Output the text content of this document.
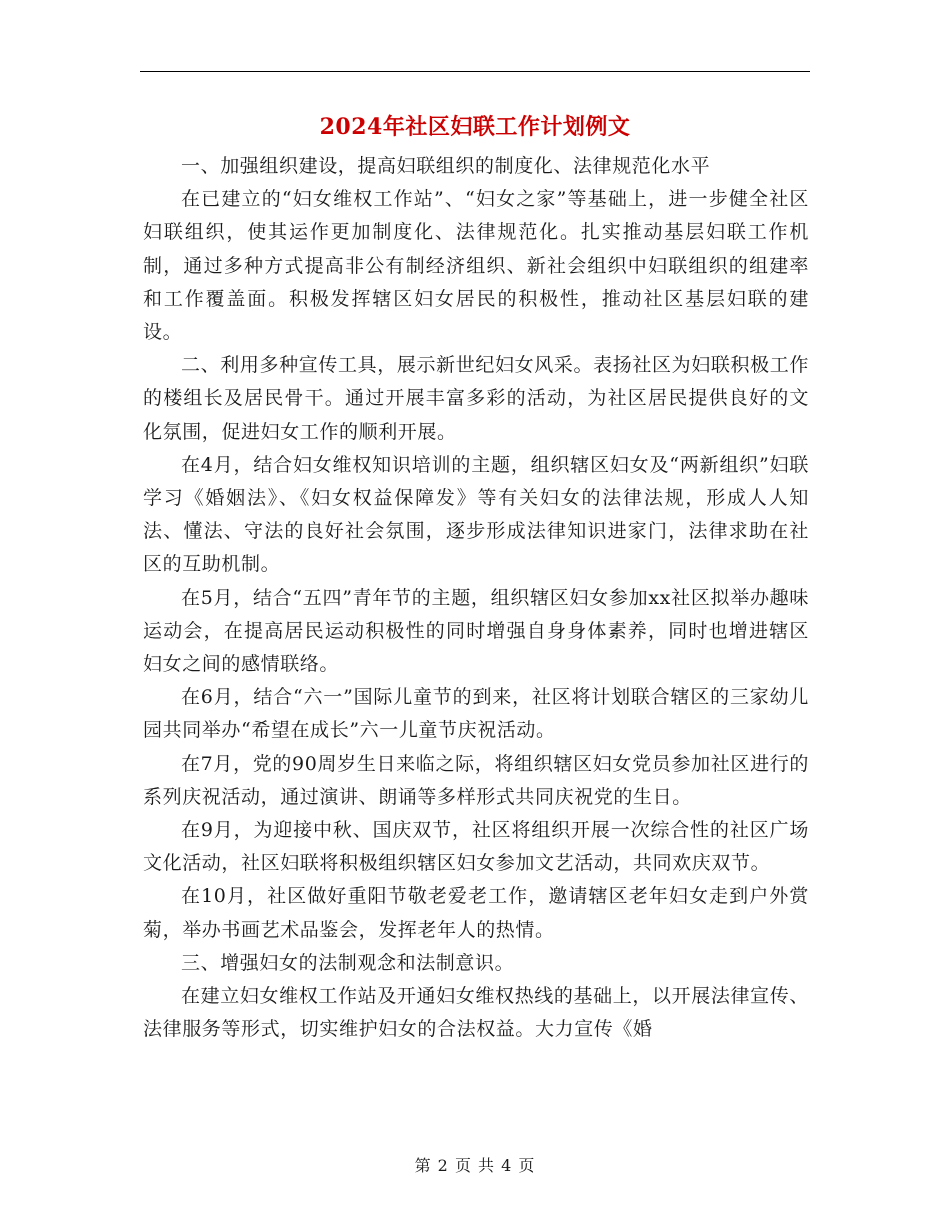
2024年社区妇联工作计划例文

一、加强组织建设，提高妇联组织的制度化、法律规范化水平

在已建立的“妇女维权工作站”、“妇女之家”等基础上，进一步健全社区妇联组织，使其运作更加制度化、法律规范化。扎实推动基层妇联工作机制，通过多种方式提高非公有制经济组织、新社会组织中妇联组织的组建率和工作覆盖面。积极发挥辖区妇女居民的积极性，推动社区基层妇联的建设。

二、利用多种宣传工具，展示新世纪妇女风采。表扬社区为妇联积极工作的楼组长及居民骨干。通过开展丰富多彩的活动，为社区居民提供良好的文化氛围，促进妇女工作的顺利开展。

在4月，结合妇女维权知识培训的主题，组织辖区妇女及“两新组织”妇联学习《婚姻法》、《妇女权益保障发》等有关妇女的法律法规，形成人人知法、懂法、守法的良好社会氛围，逐步形成法律知识进家门，法律求助在社区的互助机制。

在5月，结合“五四”青年节的主题，组织辖区妇女参加xx社区拟举办趣味运动会，在提高居民运动积极性的同时增强自身身体素养，同时也增进辖区妇女之间的感情联络。

在6月，结合“六一”国际儿童节的到来，社区将计划联合辖区的三家幼儿园共同举办“希望在成长”六一儿童节庆祝活动。

在7月，党的90周岁生日来临之际，将组织辖区妇女党员参加社区进行的系列庆祝活动，通过演讲、朗诵等多样形式共同庆祝党的生日。

在9月，为迎接中秋、国庆双节，社区将组织开展一次综合性的社区广场文化活动，社区妇联将积极组织辖区妇女参加文艺活动，共同欢庆双节。

在10月，社区做好重阳节敬老爱老工作，邀请辖区老年妇女走到户外赏菊，举办书画艺术品鉴会，发挥老年人的热情。

三、增强妇女的法制观念和法制意识。

在建立妇女维权工作站及开通妇女维权热线的基础上，以开展法律宣传、法律服务等形式，切实维护妇女的合法权益。大力宣传《婚

第 2 页 共 4 页
